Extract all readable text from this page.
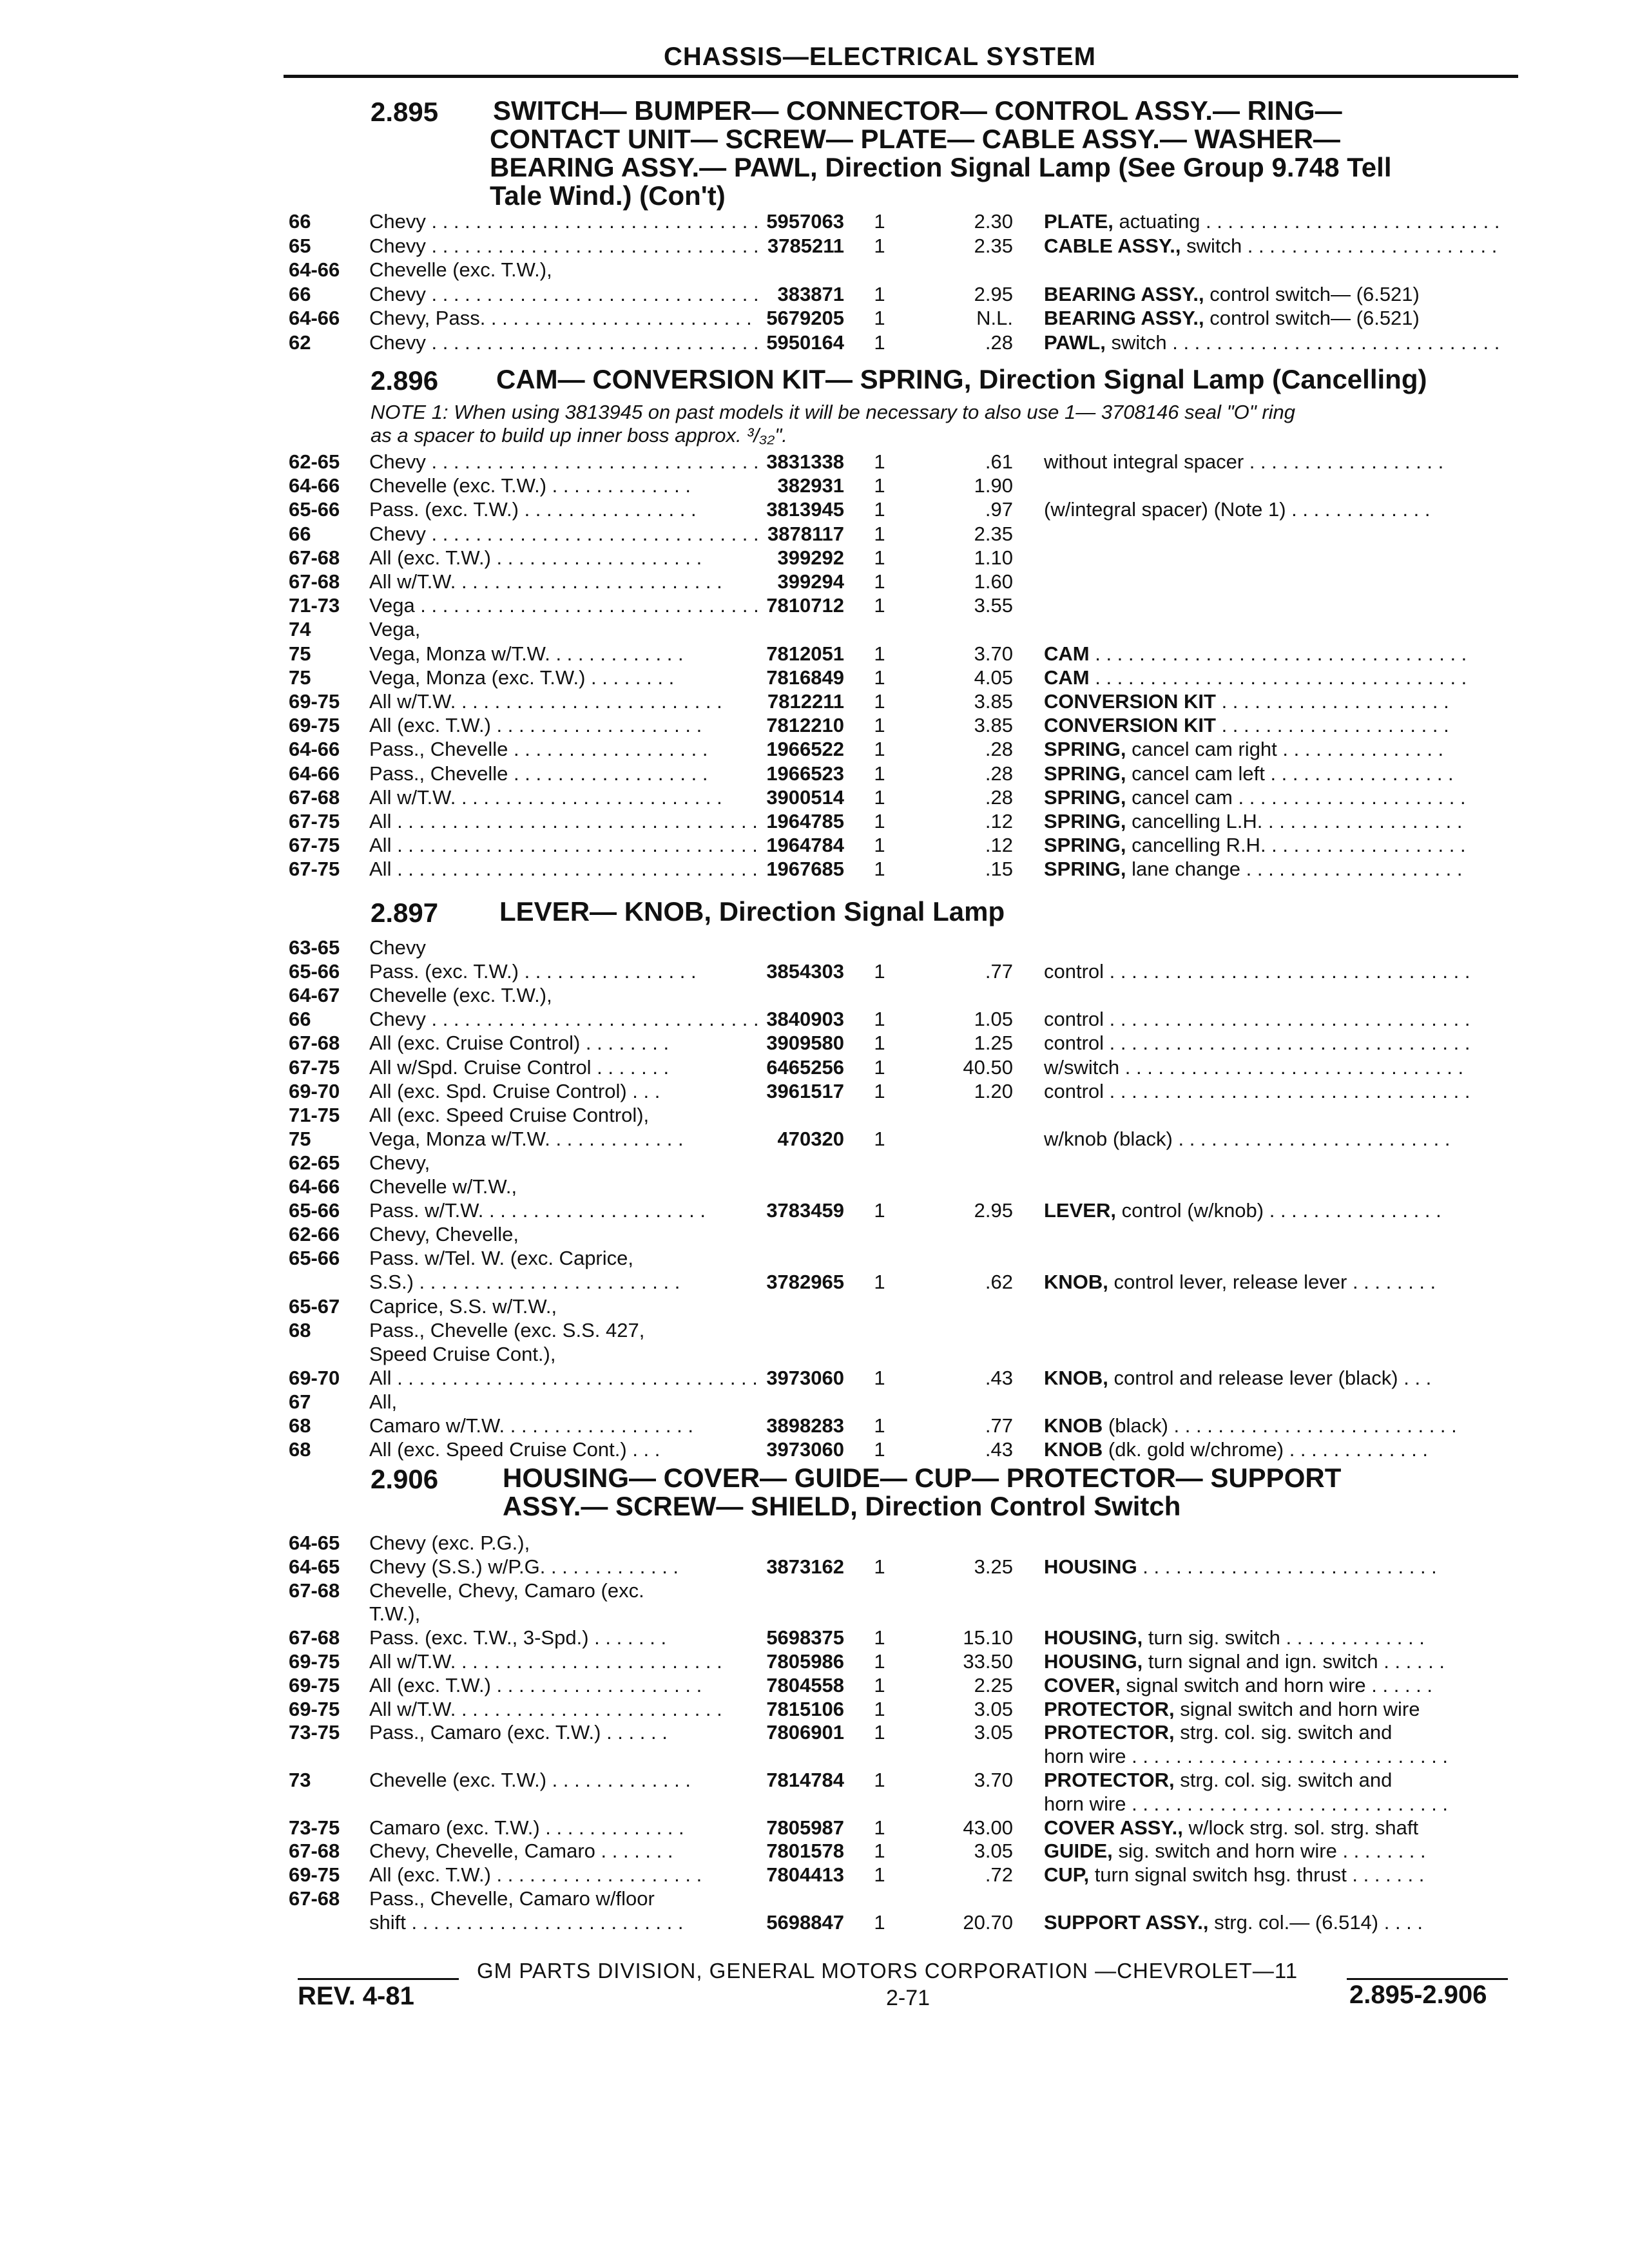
CHASSIS—ELECTRICAL SYSTEM
2.895 SWITCH— BUMPER— CONNECTOR— CONTROL ASSY.— RING—
CONTACT UNIT— SCREW— PLATE— CABLE ASSY.— WASHER—
BEARING ASSY.— PAWL, Direction Signal Lamp (See Group 9.748 Tell
Tale Wind.) (Con't)
66	Chevy . . . . . . . . . . . . . . . . . . . . . . . . . . . . . . 5957063 1	2.30 PLATE, actuating . . . . . . . . . . . . . . . . . . . . . . . . . . .
65	Chevy . . . . . . . . . . . . . . . . . . . . . . . . . . . . . . 3785211 1	2.35 CABLE ASSY., switch . . . . . . . . . . . . . . . . . . . . . . .
64-66 Chevelle (exc. T.W.),
66	Chevy . . . . . . . . . . . . . . . . . . . . . . . . . . . . . . 383871 1	2.95 BEARING ASSY., control switch— (6.521)
64-66 Chevy, Pass. . . . . . . . . . . . . . . . . . . . . . . . . 5679205 1	N.L. BEARING ASSY., control switch— (6.521)
62	Chevy . . . . . . . . . . . . . . . . . . . . . . . . . . . . . . 5950164 1	.28 PAWL, switch . . . . . . . . . . . . . . . . . . . . . . . . . . . . . .
2.896 CAM— CONVERSION KIT— SPRING, Direction Signal Lamp (Cancelling)
NOTE 1: When using 3813945 on past models it will be necessary to also use 1— 3708146 seal "O" ring
as a spacer to build up inner boss approx. ³/₃₂".
62-65 Chevy . . . . . . . . . . . . . . . . . . . . . . . . . . . . . . 3831338 1	.61 without integral spacer . . . . . . . . . . . . . . . . . .
64-66 Chevelle (exc. T.W.) . . . . . . . . . . . . .	382931 1	1.90
65-66 Pass. (exc. T.W.) . . . . . . . . . . . . . . . .	3813945 1	.97 (w/integral spacer) (Note 1) . . . . . . . . . . . . .
66	Chevy . . . . . . . . . . . . . . . . . . . . . . . . . . . . . . 3878117 1	2.35
67-68 All (exc. T.W.) . . . . . . . . . . . . . . . . . . .	399292 1	1.10
67-68 All w/T.W. . . . . . . . . . . . . . . . . . . . . . . . .	399294 1	1.60
71-73 Vega . . . . . . . . . . . . . . . . . . . . . . . . . . . . . . . 7810712 1	3.55
74	Vega,
75	Vega, Monza w/T.W. . . . . . . . . . . . .	7812051 1	3.70 CAM . . . . . . . . . . . . . . . . . . . . . . . . . . . . . . . . . .
75	Vega, Monza (exc. T.W.) . . . . . . . .	7816849 1	4.05 CAM . . . . . . . . . . . . . . . . . . . . . . . . . . . . . . . . . .
69-75 All w/T.W. . . . . . . . . . . . . . . . . . . . . . . . .	7812211 1	3.85 CONVERSION KIT . . . . . . . . . . . . . . . . . . . . .
69-75 All (exc. T.W.) . . . . . . . . . . . . . . . . . . .	7812210 1	3.85 CONVERSION KIT . . . . . . . . . . . . . . . . . . . . .
64-66 Pass., Chevelle . . . . . . . . . . . . . . . . . .	1966522 1	.28 SPRING, cancel cam right . . . . . . . . . . . . . . .
64-66 Pass., Chevelle . . . . . . . . . . . . . . . . . .	1966523 1	.28 SPRING, cancel cam left . . . . . . . . . . . . . . . . .
67-68 All w/T.W. . . . . . . . . . . . . . . . . . . . . . . . .	3900514 1	.28 SPRING, cancel cam . . . . . . . . . . . . . . . . . . . . .
67-75 All . . . . . . . . . . . . . . . . . . . . . . . . . . . . . . . . . 1964785 1	.12 SPRING, cancelling L.H. . . . . . . . . . . . . . . . . . .
67-75 All . . . . . . . . . . . . . . . . . . . . . . . . . . . . . . . . . 1964784 1	.12 SPRING, cancelling R.H. . . . . . . . . . . . . . . . . . .
67-75 All . . . . . . . . . . . . . . . . . . . . . . . . . . . . . . . . . 1967685 1	.15 SPRING, lane change . . . . . . . . . . . . . . . . . . . .
2.897 LEVER— KNOB, Direction Signal Lamp
63-65 Chevy
65-66 Pass. (exc. T.W.) . . . . . . . . . . . . . . . .	3854303 1	.77 control . . . . . . . . . . . . . . . . . . . . . . . . . . . . . . . . .
64-67 Chevelle (exc. T.W.),
66	Chevy . . . . . . . . . . . . . . . . . . . . . . . . . . . . . . 3840903 1	1.05 control . . . . . . . . . . . . . . . . . . . . . . . . . . . . . . . . .
67-68 All (exc. Cruise Control) . . . . . . . .	3909580 1	1.25 control . . . . . . . . . . . . . . . . . . . . . . . . . . . . . . . . .
67-75 All w/Spd. Cruise Control . . . . . . .	6465256 1	40.50 w/switch . . . . . . . . . . . . . . . . . . . . . . . . . . . . . . .
69-70 All (exc. Spd. Cruise Control) . . .	3961517 1	1.20 control . . . . . . . . . . . . . . . . . . . . . . . . . . . . . . . . .
71-75 All (exc. Speed Cruise Control),
75	Vega, Monza w/T.W. . . . . . . . . . . . .	470320 1	w/knob (black) . . . . . . . . . . . . . . . . . . . . . . . . .
62-65 Chevy,
64-66 Chevelle w/T.W.,
65-66 Pass. w/T.W. . . . . . . . . . . . . . . . . . . . .	3783459 1	2.95 LEVER, control (w/knob) . . . . . . . . . . . . . . . .
62-66 Chevy, Chevelle,
65-66 Pass. w/Tel. W. (exc. Caprice,
S.S.) . . . . . . . . . . . . . . . . . . . . . . . .	3782965 1	.62 KNOB, control lever, release lever . . . . . . . .
65-67 Caprice, S.S. w/T.W.,
68	Pass., Chevelle (exc. S.S. 427,
Speed Cruise Cont.),
69-70 All . . . . . . . . . . . . . . . . . . . . . . . . . . . . . . . . . 3973060 1	.43 KNOB, control and release lever (black) . . .
67	All,
68	Camaro w/T.W. . . . . . . . . . . . . . . . . .	3898283 1	.77 KNOB (black) . . . . . . . . . . . . . . . . . . . . . . . . . .
68	All (exc. Speed Cruise Cont.) . . .	3973060 1	.43 KNOB (dk. gold w/chrome) . . . . . . . . . . . . .
2.906 HOUSING— COVER— GUIDE— CUP— PROTECTOR— SUPPORT
ASSY.— SCREW— SHIELD, Direction Control Switch
64-65 Chevy (exc. P.G.),
64-65 Chevy (S.S.) w/P.G. . . . . . . . . . . . .	3873162 1	3.25 HOUSING . . . . . . . . . . . . . . . . . . . . . . . . . . .
67-68 Chevelle, Chevy, Camaro (exc.
T.W.),
67-68 Pass. (exc. T.W., 3-Spd.) . . . . . . .	5698375 1	15.10 HOUSING, turn sig. switch . . . . . . . . . . . . .
69-75 All w/T.W. . . . . . . . . . . . . . . . . . . . . . . . .	7805986 1	33.50 HOUSING, turn signal and ign. switch . . . . . .
69-75 All (exc. T.W.) . . . . . . . . . . . . . . . . . . .	7804558 1	2.25 COVER, signal switch and horn wire . . . . . .
69-75 All w/T.W. . . . . . . . . . . . . . . . . . . . . . . . .	7815106 1	3.05 PROTECTOR, signal switch and horn wire
73-75 Pass., Camaro (exc. T.W.) . . . . . .	7806901 1	3.05 PROTECTOR, strg. col. sig. switch and
horn wire . . . . . . . . . . . . . . . . . . . . . . . . . . . . .
73	Chevelle (exc. T.W.) . . . . . . . . . . . . .	7814784 1	3.70 PROTECTOR, strg. col. sig. switch and
horn wire . . . . . . . . . . . . . . . . . . . . . . . . . . . . .
73-75 Camaro (exc. T.W.) . . . . . . . . . . . . .	7805987 1	43.00 COVER ASSY., w/lock strg. sol. strg. shaft
67-68 Chevy, Chevelle, Camaro . . . . . . .	7801578 1	3.05 GUIDE, sig. switch and horn wire . . . . . . . .
69-75 All (exc. T.W.) . . . . . . . . . . . . . . . . . . .	7804413 1	.72 CUP, turn signal switch hsg. thrust . . . . . . .
67-68 Pass., Chevelle, Camaro w/floor
shift . . . . . . . . . . . . . . . . . . . . . . . . .	5698847 1	20.70 SUPPORT ASSY., strg. col.— (6.514) . . . .
GM PARTS DIVISION, GENERAL MOTORS CORPORATION —CHEVROLET—11
REV. 4-81	2-71	2.895-2.906
